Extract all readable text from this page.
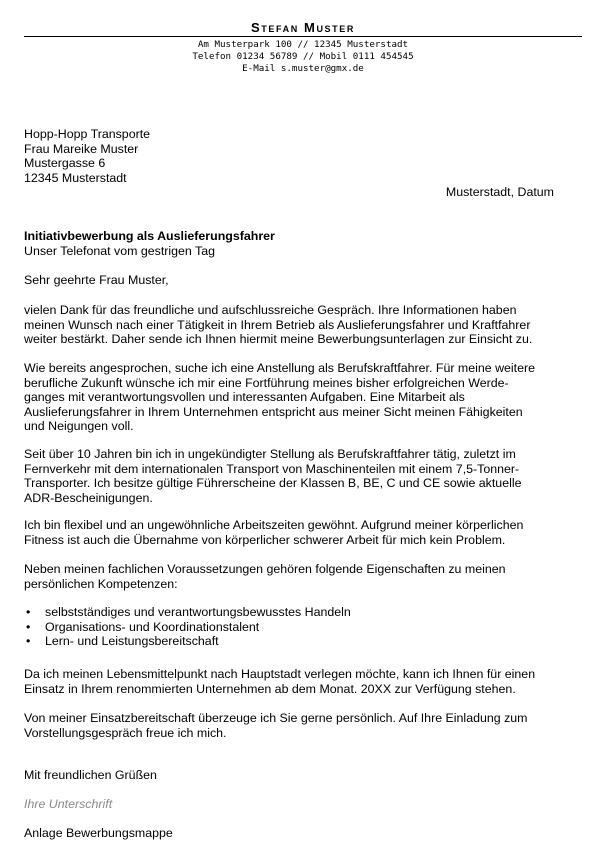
Stefan Muster
Am Musterpark 100 // 12345 Musterstadt
Telefon 01234 56789 // Mobil 0111 454545
E-Mail s.muster@gmx.de
Hopp-Hopp Transporte
Frau Mareike Muster
Mustergasse 6
12345 Musterstadt
Musterstadt, Datum
Initiativbewerbung als Auslieferungsfahrer
Unser Telefonat vom gestrigen Tag
Sehr geehrte Frau Muster,
vielen Dank für das freundliche und aufschlussreiche Gespräch. Ihre Informationen haben
meinen Wunsch nach einer Tätigkeit in Ihrem Betrieb als Auslieferungsfahrer und Kraftfahrer
weiter bestärkt. Daher sende ich Ihnen hiermit meine Bewerbungsunterlagen zur Einsicht zu.
Wie bereits angesprochen, suche ich eine Anstellung als Berufskraftfahrer. Für meine weitere
berufliche Zukunft wünsche ich mir eine Fortführung meines bisher erfolgreichen Werde-
ganges mit verantwortungsvollen und interessanten Aufgaben. Eine Mitarbeit als
Auslieferungsfahrer in Ihrem Unternehmen entspricht aus meiner Sicht meinen Fähigkeiten
und Neigungen voll.
Seit über 10 Jahren bin ich in ungekündigter Stellung als Berufskraftfahrer tätig, zuletzt im
Fernverkehr mit dem internationalen Transport von Maschinenteilen mit einem 7,5-Tonner-
Transporter. Ich besitze gültige Führerscheine der Klassen B, BE, C und CE sowie aktuelle
ADR-Bescheinigungen.
Ich bin flexibel und an ungewöhnliche Arbeitszeiten gewöhnt. Aufgrund meiner körperlichen
Fitness ist auch die Übernahme von körperlicher schwerer Arbeit für mich kein Problem.
Neben meinen fachlichen Voraussetzungen gehören folgende Eigenschaften zu meinen
persönlichen Kompetenzen:
• selbstständiges und verantwortungsbewusstes Handeln
• Organisations- und Koordinationstalent
• Lern- und Leistungsbereitschaft
Da ich meinen Lebensmittelpunkt nach Hauptstadt verlegen möchte, kann ich Ihnen für einen
Einsatz in Ihrem renommierten Unternehmen ab dem Monat. 20XX zur Verfügung stehen.
Von meiner Einsatzbereitschaft überzeuge ich Sie gerne persönlich. Auf Ihre Einladung zum
Vorstellungsgespräch freue ich mich.
Mit freundlichen Grüßen
Ihre Unterschrift
Anlage Bewerbungsmappe
